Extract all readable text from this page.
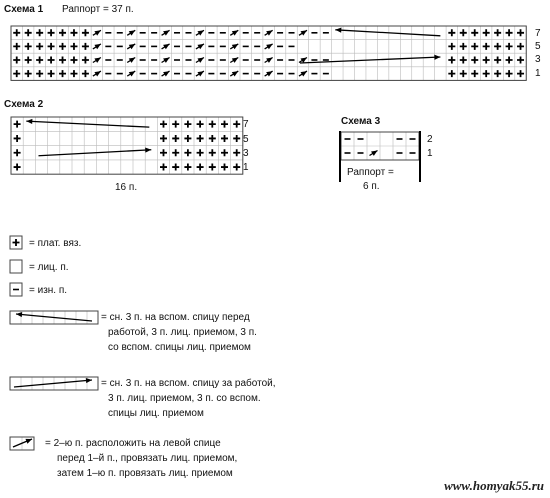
Схема 1 Раппорт = 37 п.
7
5
3
1
Схема 2
7
5
3
1
16 п.
Схема 3
2
1
Раппорт =
6 п.
= плат. вяз.
= лиц. п.
= изн. п.
= сн. 3 п. на вспом. спицу перед
работой, 3 п. лиц. приемом, 3 п.
со вспом. спицы лиц. приемом
= сн. 3 п. на вспом. спицу за работой,
3 п. лиц. приемом, 3 п. со вспом.
спицы лиц. приемом
= 2–ю п. расположить на левой спице
перед 1–й п., провязать лиц. приемом,
затем 1–ю п. провязать лиц. приемом
www.homyak55.ru
